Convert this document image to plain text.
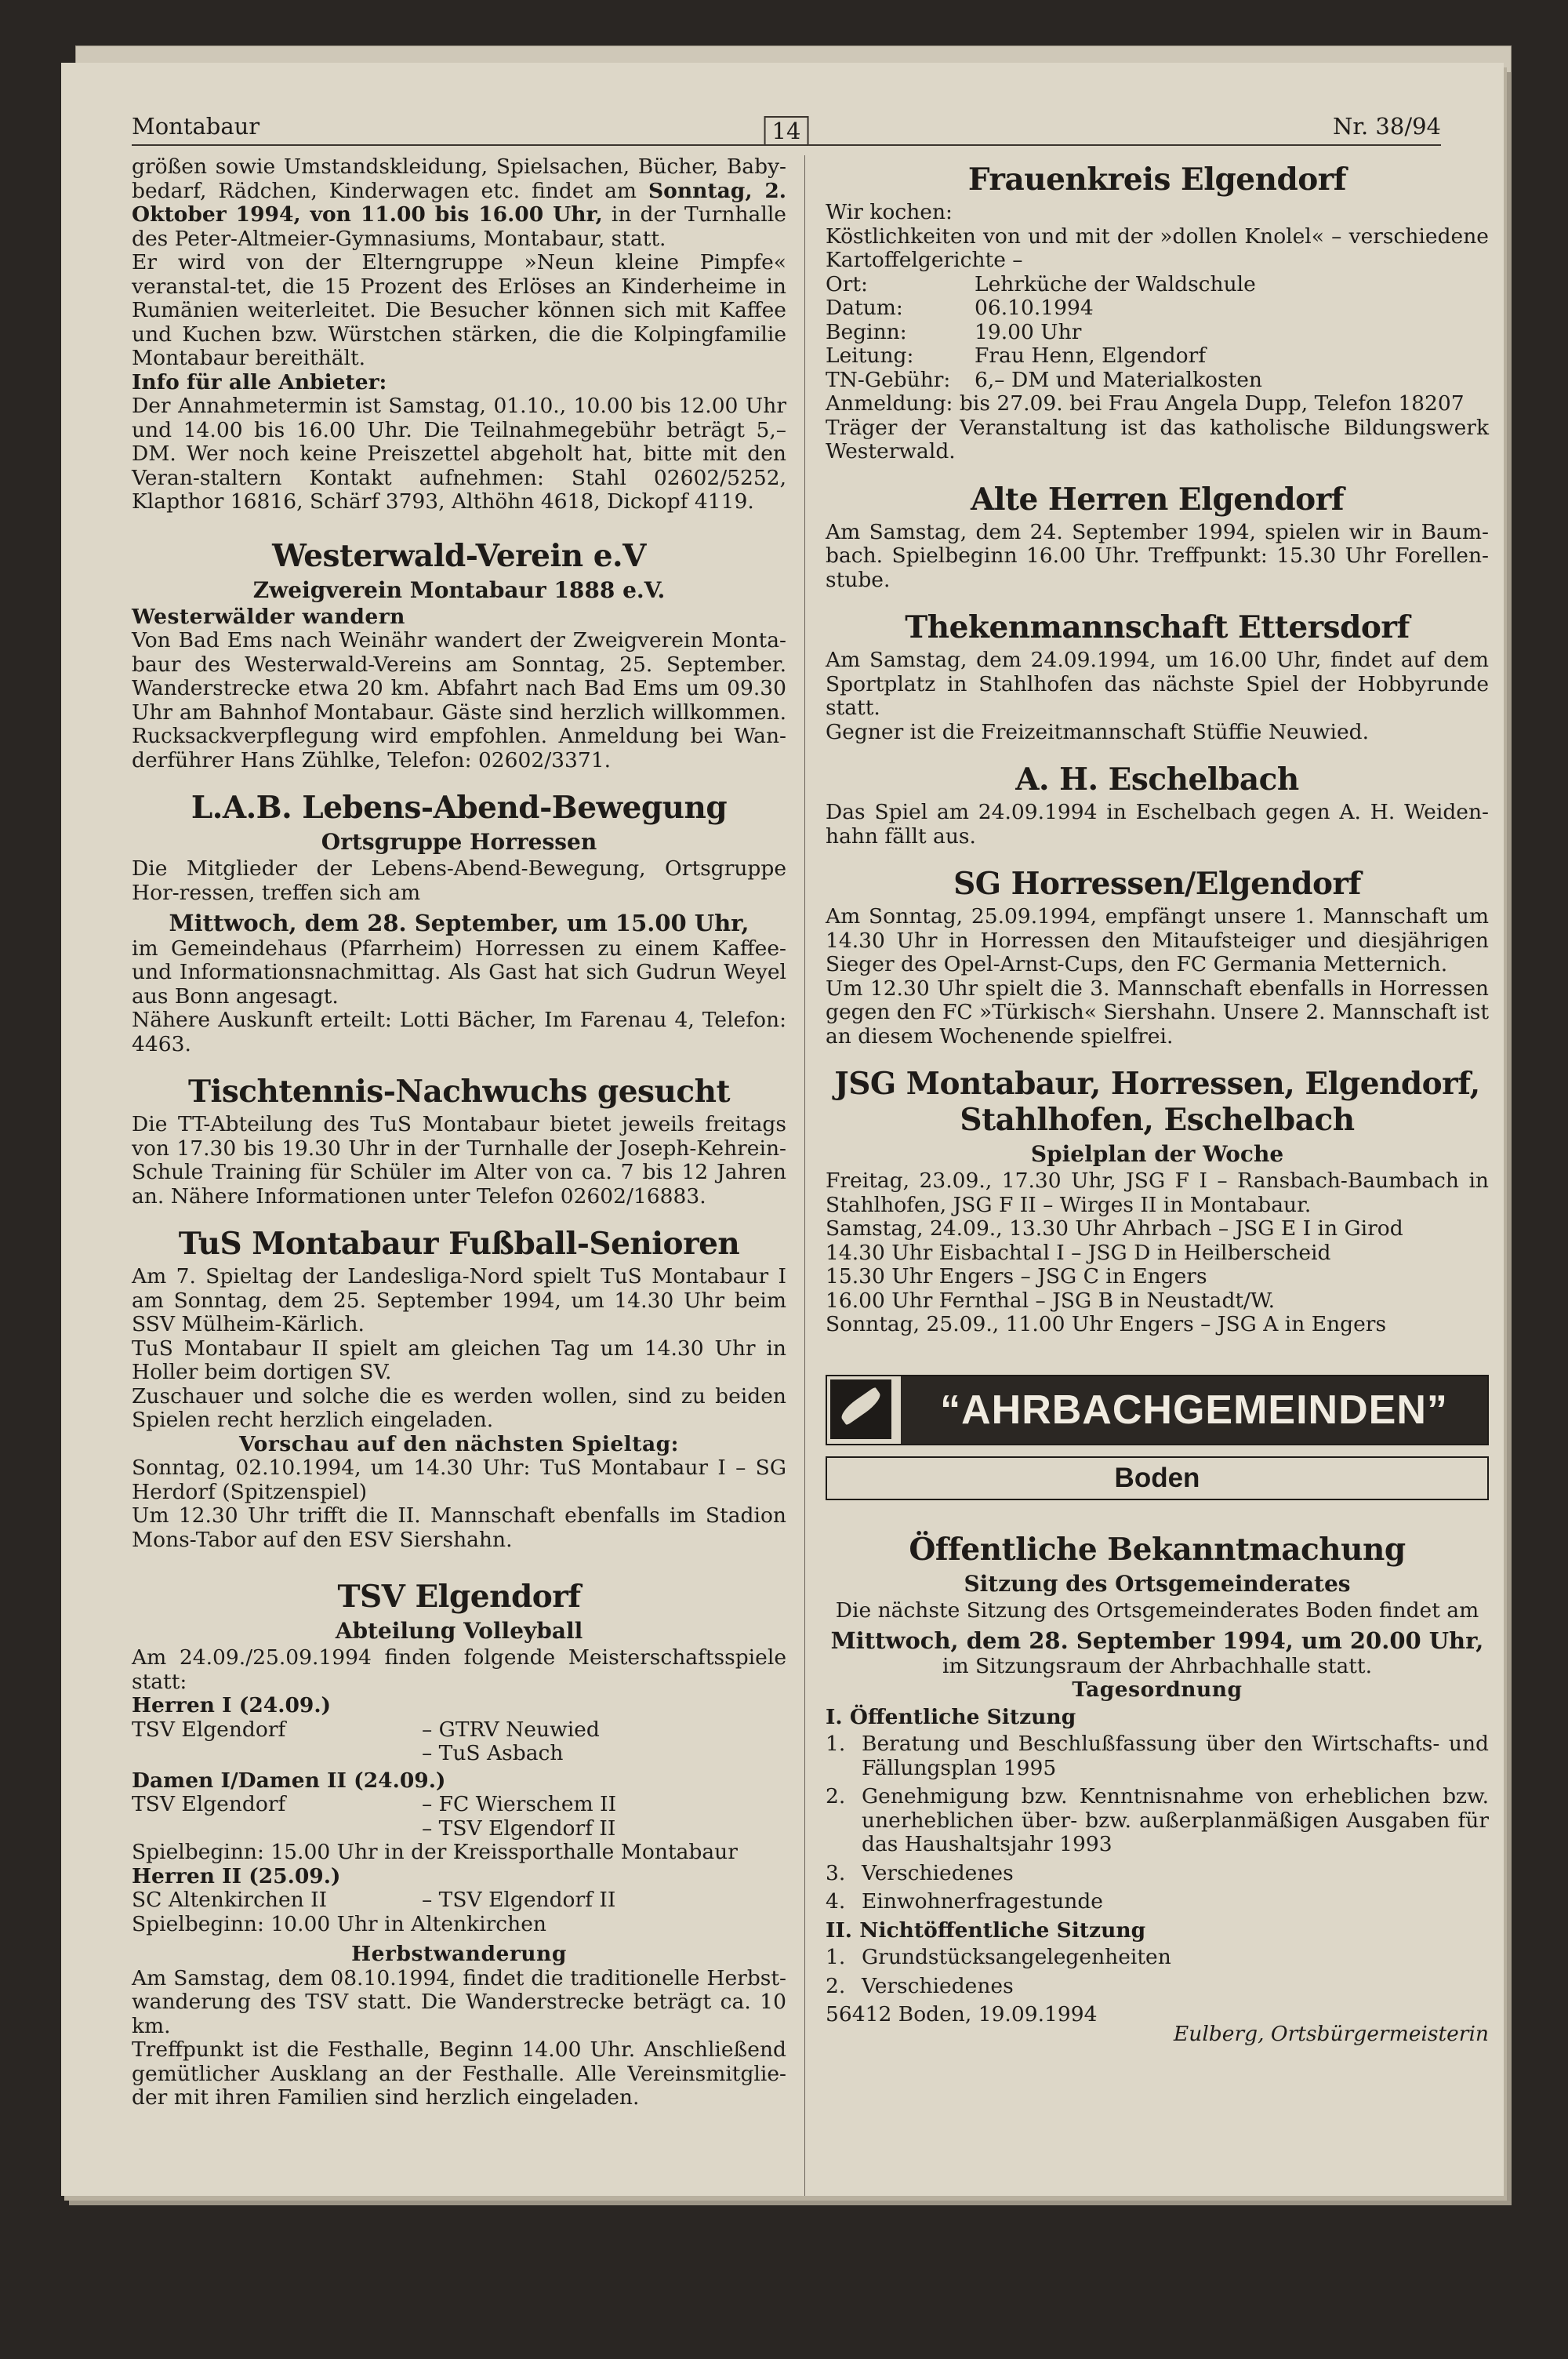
Montabaur	14	Nr. 38/94

größen sowie Umstandskleidung, Spielsachen, Bücher, Baby-bedarf, Rädchen, Kinderwagen etc. findet am Sonntag, 2. Oktober 1994, von 11.00 bis 16.00 Uhr, in der Turnhalle des Peter-Altmeier-Gymnasiums, Montabaur, statt.

Er wird von der Elterngruppe »Neun kleine Pimpfe« veranstal-tet, die 15 Prozent des Erlöses an Kinderheime in Rumänien weiterleitet. Die Besucher können sich mit Kaffee und Kuchen bzw. Würstchen stärken, die die Kolpingfamilie Montabaur bereithält.

Info für alle Anbieter:

Der Annahmetermin ist Samstag, 01.10., 10.00 bis 12.00 Uhr und 14.00 bis 16.00 Uhr. Die Teilnahmegebühr beträgt 5,– DM. Wer noch keine Preiszettel abgeholt hat, bitte mit den Veran-staltern Kontakt aufnehmen: Stahl 02602/5252, Klapthor 16816, Schärf 3793, Althöhn 4618, Dickopf 4119.

Westerwald-Verein e.V
Zweigverein Montabaur 1888 e.V.

Westerwälder wandern

Von Bad Ems nach Weinähr wandert der Zweigverein Monta-baur des Westerwald-Vereins am Sonntag, 25. September. Wanderstrecke etwa 20 km. Abfahrt nach Bad Ems um 09.30 Uhr am Bahnhof Montabaur. Gäste sind herzlich willkommen. Rucksackverpflegung wird empfohlen. Anmeldung bei Wan-derführer Hans Zühlke, Telefon: 02602/3371.

L.A.B. Lebens-Abend-Bewegung
Ortsgruppe Horressen

Die Mitglieder der Lebens-Abend-Bewegung, Ortsgruppe Hor-ressen, treffen sich am

Mittwoch, dem 28. September, um 15.00 Uhr,

im Gemeindehaus (Pfarrheim) Horressen zu einem Kaffee- und Informationsnachmittag. Als Gast hat sich Gudrun Weyel aus Bonn angesagt.

Nähere Auskunft erteilt: Lotti Bächer, Im Farenau 4, Telefon: 4463.

Tischtennis-Nachwuchs gesucht

Die TT-Abteilung des TuS Montabaur bietet jeweils freitags von 17.30 bis 19.30 Uhr in der Turnhalle der Joseph-Kehrein-Schule Training für Schüler im Alter von ca. 7 bis 12 Jahren an. Nähere Informationen unter Telefon 02602/16883.

TuS Montabaur Fußball-Senioren

Am 7. Spieltag der Landesliga-Nord spielt TuS Montabaur I am Sonntag, dem 25. September 1994, um 14.30 Uhr beim SSV Mülheim-Kärlich.

TuS Montabaur II spielt am gleichen Tag um 14.30 Uhr in Holler beim dortigen SV.

Zuschauer und solche die es werden wollen, sind zu beiden Spielen recht herzlich eingeladen.

Vorschau auf den nächsten Spieltag:

Sonntag, 02.10.1994, um 14.30 Uhr: TuS Montabaur I – SG Herdorf (Spitzenspiel)

Um 12.30 Uhr trifft die II. Mannschaft ebenfalls im Stadion Mons-Tabor auf den ESV Siershahn.

TSV Elgendorf
Abteilung Volleyball

Am 24.09./25.09.1994 finden folgende Meisterschaftsspiele statt:

Herren I (24.09.)

TSV Elgendorf	– GTRV Neuwied
– TuS Asbach

Damen I/Damen II (24.09.)

TSV Elgendorf	– FC Wierschem II
– TSV Elgendorf II

Spielbeginn: 15.00 Uhr in der Kreissporthalle Montabaur

Herren II (25.09.)

SC Altenkirchen II	– TSV Elgendorf II

Spielbeginn: 10.00 Uhr in Altenkirchen

Herbstwanderung

Am Samstag, dem 08.10.1994, findet die traditionelle Herbst-wanderung des TSV statt. Die Wanderstrecke beträgt ca. 10 km.

Treffpunkt ist die Festhalle, Beginn 14.00 Uhr. Anschließend gemütlicher Ausklang an der Festhalle. Alle Vereinsmitglie-der mit ihren Familien sind herzlich eingeladen.

Frauenkreis Elgendorf

Wir kochen:

Köstlichkeiten von und mit der »dollen Knolel« – verschiedene Kartoffelgerichte –

Ort:	Lehrküche der Waldschule
Datum:	06.10.1994
Beginn:	19.00 Uhr
Leitung:	Frau Henn, Elgendorf
TN-Gebühr:	6,– DM und Materialkosten

Anmeldung: bis 27.09. bei Frau Angela Dupp, Telefon 18207

Träger der Veranstaltung ist das katholische Bildungswerk Westerwald.

Alte Herren Elgendorf

Am Samstag, dem 24. September 1994, spielen wir in Baum-bach. Spielbeginn 16.00 Uhr. Treffpunkt: 15.30 Uhr Forellen-stube.

Thekenmannschaft Ettersdorf

Am Samstag, dem 24.09.1994, um 16.00 Uhr, findet auf dem Sportplatz in Stahlhofen das nächste Spiel der Hobbyrunde statt.

Gegner ist die Freizeitmannschaft Stüffie Neuwied.

A. H. Eschelbach

Das Spiel am 24.09.1994 in Eschelbach gegen A. H. Weiden-hahn fällt aus.

SG Horressen/Elgendorf

Am Sonntag, 25.09.1994, empfängt unsere 1. Mannschaft um 14.30 Uhr in Horressen den Mitaufsteiger und diesjährigen Sieger des Opel-Arnst-Cups, den FC Germania Metternich.

Um 12.30 Uhr spielt die 3. Mannschaft ebenfalls in Horressen gegen den FC »Türkisch« Siershahn. Unsere 2. Mannschaft ist an diesem Wochenende spielfrei.

JSG Montabaur, Horressen, Elgendorf,
Stahlhofen, Eschelbach
Spielplan der Woche

Freitag, 23.09., 17.30 Uhr, JSG F I – Ransbach-Baumbach in Stahlhofen, JSG F II – Wirges II in Montabaur.

Samstag, 24.09., 13.30 Uhr Ahrbach – JSG E I in Girod

14.30 Uhr Eisbachtal I – JSG D in Heilberscheid

15.30 Uhr Engers – JSG C in Engers

16.00 Uhr Fernthal – JSG B in Neustadt/W.

Sonntag, 25.09., 11.00 Uhr Engers – JSG A in Engers

“AHRBACHGEMEINDEN”
Boden
Öffentliche Bekanntmachung
Sitzung des Ortsgemeinderates

Die nächste Sitzung des Ortsgemeinderates Boden findet am

Mittwoch, dem 28. September 1994, um 20.00 Uhr,

im Sitzungsraum der Ahrbachhalle statt.

Tagesordnung

I. Öffentliche Sitzung

1. Beratung und Beschlußfassung über den Wirtschafts- und Fällungsplan 1995
2. Genehmigung bzw. Kenntnisnahme von erheblichen bzw. unerheblichen über- bzw. außerplanmäßigen Ausgaben für das Haushaltsjahr 1993
3. Verschiedenes
4. Einwohnerfragestunde

II. Nichtöffentliche Sitzung

1. Grundstücksangelegenheiten
2. Verschiedenes

56412 Boden, 19.09.1994

Eulberg, Ortsbürgermeisterin
